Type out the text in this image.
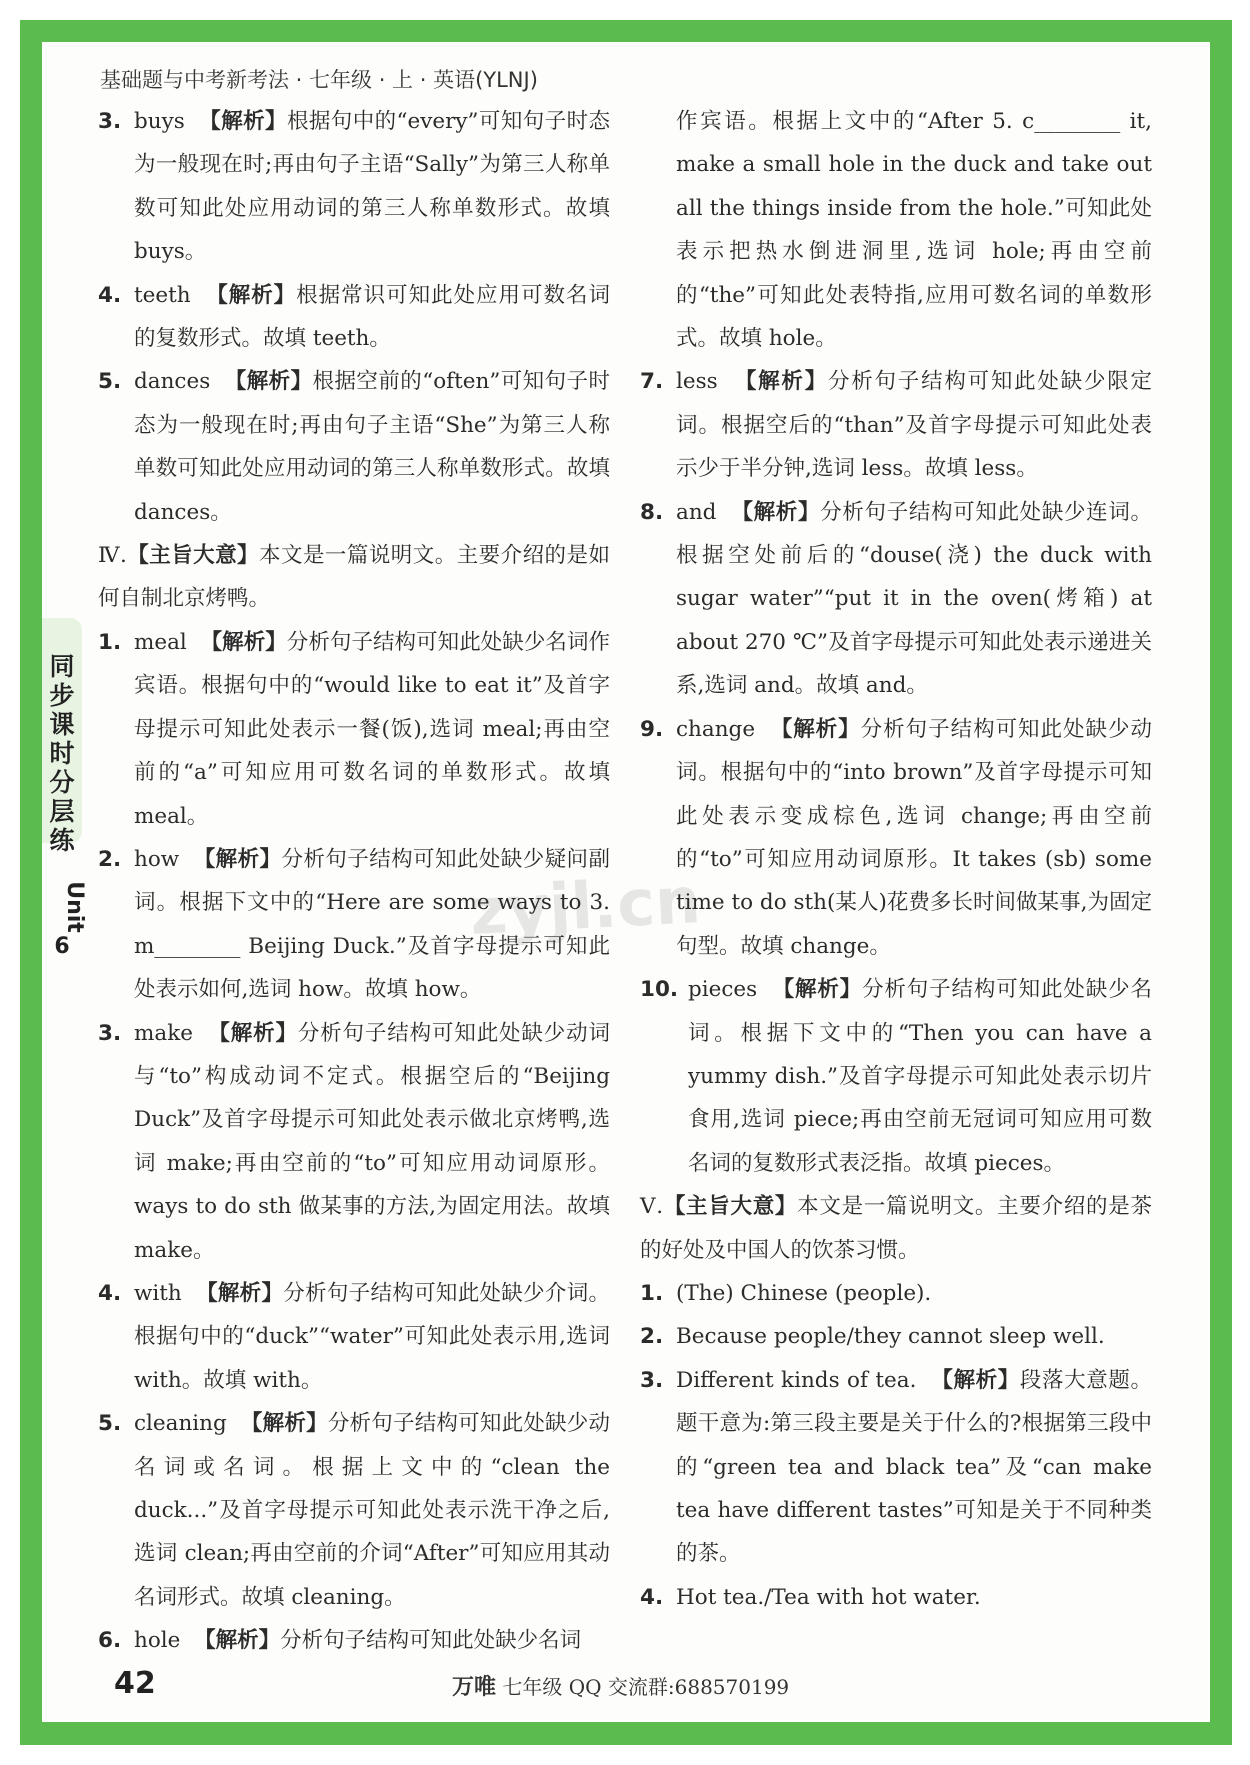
基础题与中考新考法 · 七年级 · 上 · 英语(YLNJ)
同
步
课
时
分
层
练
Unit
6	zyjl.cn
3. buys 【解析】根据句中的“every”可知句子时态为一般现在时;再由句子主语“Sally”为第三人称单数可知此处应用动词的第三人称单数形式。故填 buys。
4. teeth 【解析】根据常识可知此处应用可数名词的复数形式。故填 teeth。
5. dances 【解析】根据空前的“often”可知句子时态为一般现在时;再由句子主语“She”为第三人称单数可知此处应用动词的第三人称单数形式。故填 dances。

Ⅳ.【主旨大意】本文是一篇说明文。主要介绍的是如何自制北京烤鸭。

1. meal 【解析】分析句子结构可知此处缺少名词作宾语。根据句中的“would like to eat it”及首字母提示可知此处表示一餐(饭),选词 meal;再由空前的“a”可知应用可数名词的单数形式。故填 meal。
2. how 【解析】分析句子结构可知此处缺少疑问副词。根据下文中的“Here are some ways to 3. m________ Beijing Duck.”及首字母提示可知此处表示如何,选词 how。故填 how。
3. make 【解析】分析句子结构可知此处缺少动词与“to”构成动词不定式。根据空后的“Beijing Duck”及首字母提示可知此处表示做北京烤鸭,选词 make;再由空前的“to”可知应用动词原形。ways to do sth 做某事的方法,为固定用法。故填 make。
4. with 【解析】分析句子结构可知此处缺少介词。根据句中的“duck”“water”可知此处表示用,选词 with。故填 with。
5. cleaning 【解析】分析句子结构可知此处缺少动名词或名词。根据上文中的“clean the duck...”及首字母提示可知此处表示洗干净之后,选词 clean;再由空前的介词“After”可知应用其动名词形式。故填 cleaning。
6. hole 【解析】分析句子结构可知此处缺少名词

作宾语。根据上文中的“After 5. c________ it, make a small hole in the duck and take out all the things inside from the hole.”可知此处表示把热水倒进洞里,选词 hole;再由空前的“the”可知此处表特指,应用可数名词的单数形式。故填 hole。

7. less 【解析】分析句子结构可知此处缺少限定词。根据空后的“than”及首字母提示可知此处表示少于半分钟,选词 less。故填 less。
8. and 【解析】分析句子结构可知此处缺少连词。根据空处前后的“douse(浇) the duck with sugar water”“put it in the oven(烤箱) at about 270 ℃”及首字母提示可知此处表示递进关系,选词 and。故填 and。
9. change 【解析】分析句子结构可知此处缺少动词。根据句中的“into brown”及首字母提示可知此处表示变成棕色,选词 change;再由空前的“to”可知应用动词原形。It takes (sb) some time to do sth(某人)花费多长时间做某事,为固定句型。故填 change。
10. pieces 【解析】分析句子结构可知此处缺少名词。根据下文中的“Then you can have a yummy dish.”及首字母提示可知此处表示切片食用,选词 piece;再由空前无冠词可知应用可数名词的复数形式表泛指。故填 pieces。

Ⅴ.【主旨大意】本文是一篇说明文。主要介绍的是茶的好处及中国人的饮茶习惯。

1. (The) Chinese (people).
2. Because people/they cannot sleep well.
3. Different kinds of tea. 【解析】段落大意题。题干意为:第三段主要是关于什么的?根据第三段中的“green tea and black tea”及“can make tea have different tastes”可知是关于不同种类的茶。
4. Hot tea./Tea with hot water.
42	万唯 七年级 QQ 交流群:688570199
